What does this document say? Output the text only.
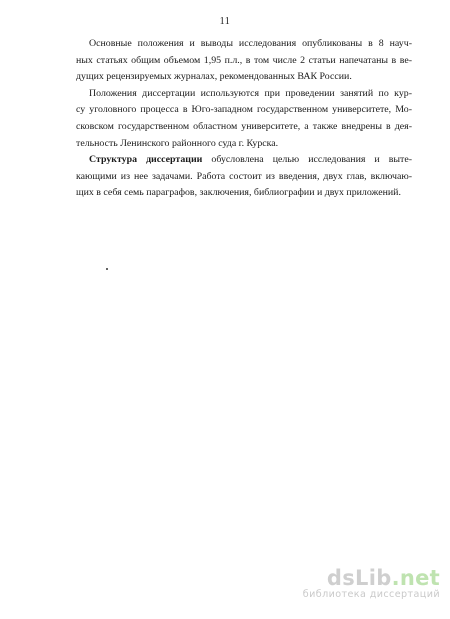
11

Основные положения и выводы исследования опубликованы в 8 науч-
ных статьях общим объемом 1,95 п.л., в том числе 2 статьи напечатаны в ве-
дущих рецензируемых журналах, рекомендованных ВАК России.

Положения диссертации используются при проведении занятий по кур-
су уголовного процесса в Юго-западном государственном университете, Мо-
сковском государственном областном университете, а также внедрены в дея-
тельность Ленинского районного суда г. Курска.

Структура диссертации обусловлена целью исследования и выте-
кающими из нее задачами. Работа состоит из введения, двух глав, включаю-
щих в себя семь параграфов, заключения, библиографии и двух приложений.

dsLib.net
библиотека диссертаций
